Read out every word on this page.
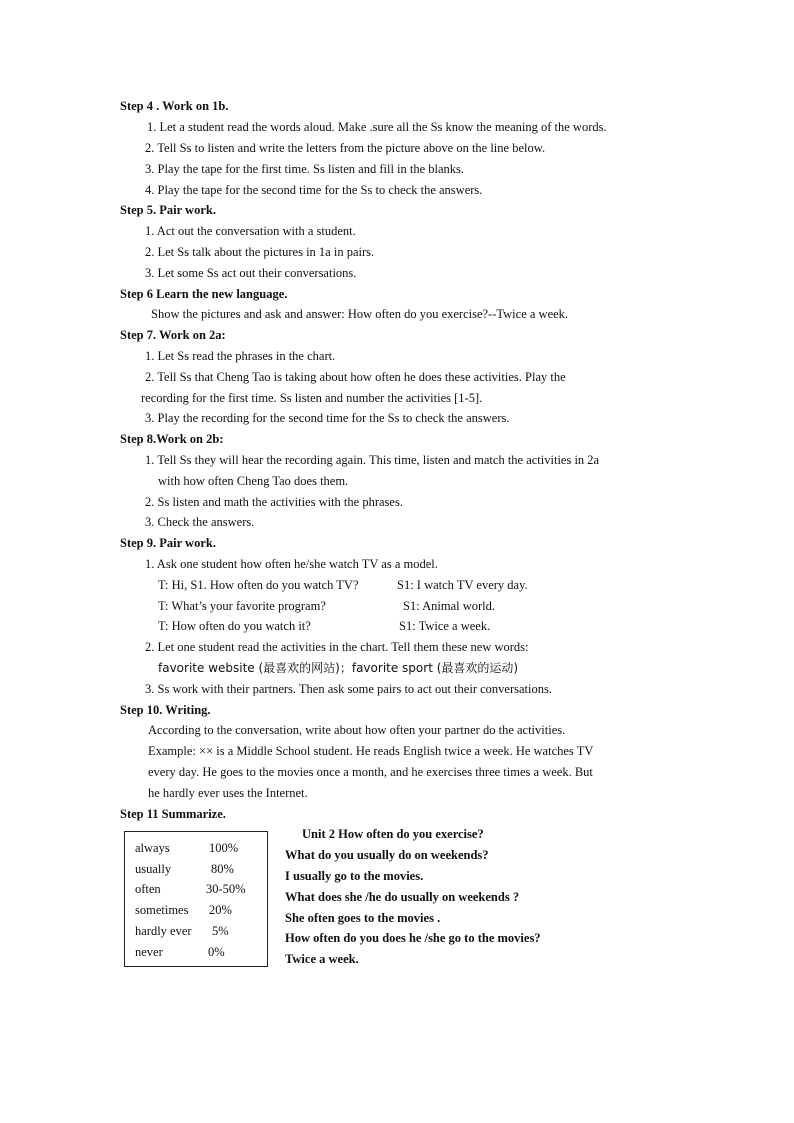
Step 4 . Work on 1b.
1. Let a student read the words aloud. Make .sure all the Ss know the meaning of the words.
2. Tell Ss to listen and write the letters from the picture above on the line below.
3. Play the tape for the first time. Ss listen and fill in the blanks.
4. Play the tape for the second time for the Ss to check the answers.
Step 5. Pair work.
1. Act out the conversation with a student.
2. Let Ss talk about the pictures in 1a in pairs.
3. Let some Ss act out their conversations.
Step 6 Learn the new language.
Show the pictures and ask and answer: How often do you exercise?--Twice a week.
Step 7. Work on 2a:
1. Let Ss read the phrases in the chart.
2. Tell Ss that Cheng Tao is taking about how often he does these activities. Play the
recording for the first time. Ss listen and number the activities [1-5].
3. Play the recording for the second time for the Ss to check the answers.
Step 8.Work on 2b:
1. Tell Ss they will hear the recording again. This time, listen and match the activities in 2a
with how often Cheng Tao does them.
2. Ss listen and math the activities with the phrases.
3. Check the answers.
Step 9. Pair work.
1. Ask one student how often he/she watch TV as a model.
T: Hi, S1. How often do you watch TV?	S1: I watch TV every day.
T: What’s your favorite program?	S1: Animal world.
T: How often do you watch it?	S1: Twice a week.
2. Let one student read the activities in the chart. Tell them these new words:
favorite website (最喜欢的网站)；favorite sport (最喜欢的运动)
3. Ss work with their partners. Then ask some pairs to act out their conversations.
Step 10. Writing.
According to the conversation, write about how often your partner do the activities.
Example: ×× is a Middle School student. He reads English twice a week. He watches TV
every day. He goes to the movies once a month, and he exercises three times a week. But
he hardly ever uses the Internet.
Step 11 Summarize.
always	100%
usually	80%
often	30-50%
sometimes 20%
hardly ever 5%
never	0%
Unit 2 How often do you exercise?
What do you usually do on weekends?
I usually go to the movies.
What does she /he do usually on weekends ?
She often goes to the movies .
How often do you does he /she go to the movies?
Twice a week.
